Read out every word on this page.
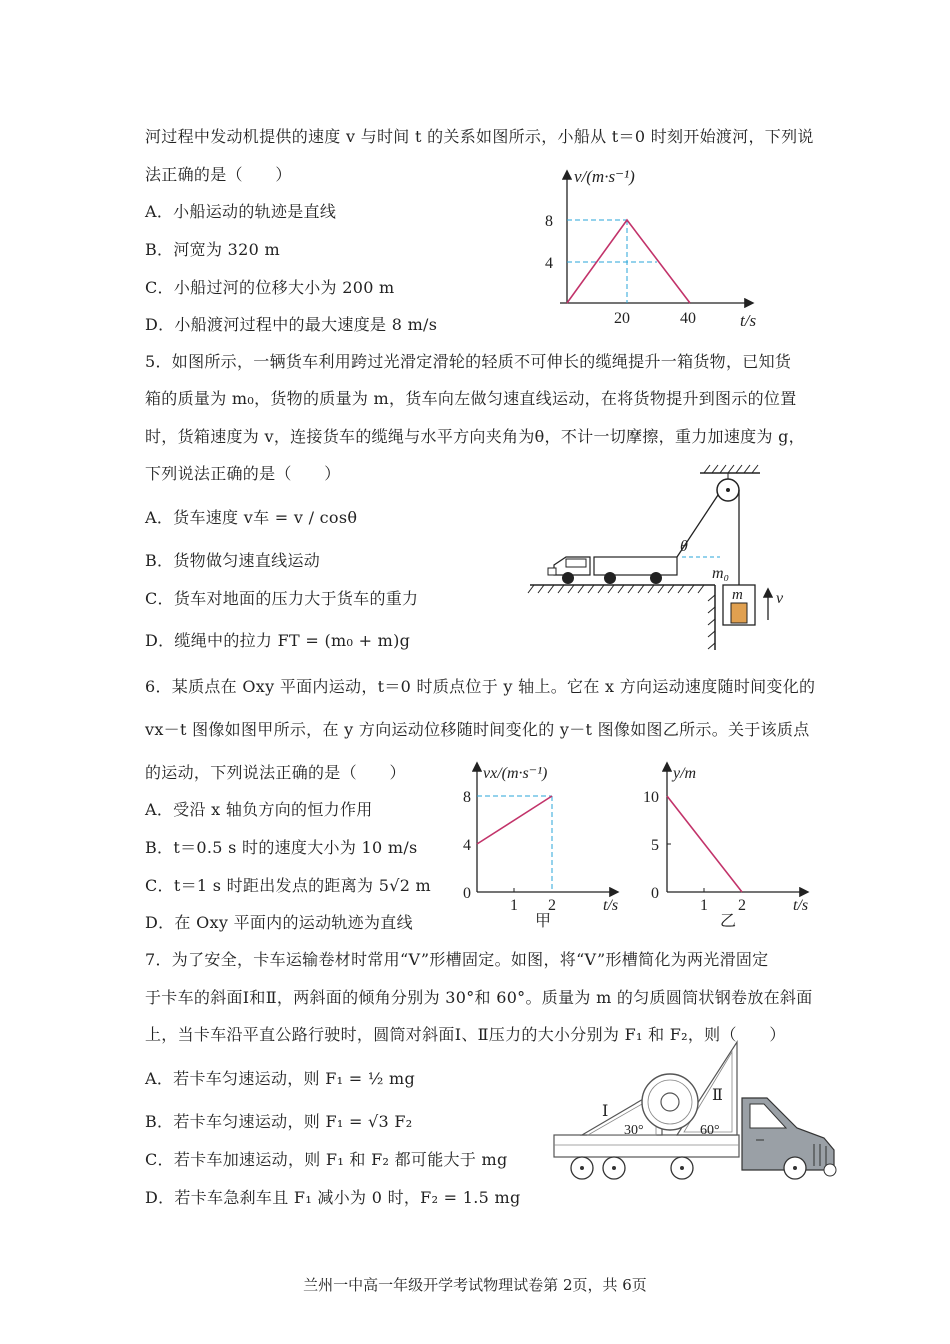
河过程中发动机提供的速度 v 与时间 t 的关系如图所示，小船从 t＝0 时刻开始渡河，下列说
法正确的是（　　）
A．小船运动的轨迹是直线
B．河宽为 320 m
C．小船过河的位移大小为 200 m
D．小船渡河过程中的最大速度是 8 m/s
v/(m·s⁻¹)
8
4
20	40	t/s
5．如图所示，一辆货车利用跨过光滑定滑轮的轻质不可伸长的缆绳提升一箱货物，已知货
箱的质量为 m₀，货物的质量为 m，货车向左做匀速直线运动，在将货物提升到图示的位置
时，货箱速度为 v，连接货车的缆绳与水平方向夹角为θ，不计一切摩擦，重力加速度为 g，
下列说法正确的是（　　）
A．货车速度 v车 = v / cosθ
B．货物做匀速直线运动
C．货车对地面的压力大于货车的重力
D．缆绳中的拉力 FT = (m₀ + m)g
θ
m₀
m v
6．某质点在 Oxy 平面内运动，t＝0 时质点位于 y 轴上。它在 x 方向运动速度随时间变化的
vx－t 图像如图甲所示，在 y 方向运动位移随时间变化的 y－t 图像如图乙所示。关于该质点
的运动，下列说法正确的是（　　）
A．受沿 x 轴负方向的恒力作用
B．t＝0.5 s 时的速度大小为 10 m/s
C．t＝1 s 时距出发点的距离为 5√2 m
D．在 Oxy 平面内的运动轨迹为直线
vx/(m·s⁻¹)
8
4
0
1 2	t/s
甲
y/m
10
5
0
1 2	t/s
乙
7．为了安全，卡车运输卷材时常用“V”形槽固定。如图，将“V”形槽简化为两光滑固定
于卡车的斜面Ⅰ和Ⅱ，两斜面的倾角分别为 30°和 60°。质量为 m 的匀质圆筒状钢卷放在斜面
上，当卡车沿平直公路行驶时，圆筒对斜面Ⅰ、Ⅱ压力的大小分别为 F₁ 和 F₂，则（　　）
A．若卡车匀速运动，则 F₁ = ½ mg
B．若卡车匀速运动，则 F₁ = √3 F₂
C．若卡车加速运动，则 F₁ 和 F₂ 都可能大于 mg
D．若卡车急刹车且 F₁ 减小为 0 时，F₂ = 1.5 mg
Ⅰ
30°
Ⅱ
60°
兰州一中高一年级开学考试物理试卷第 2页，共 6页
